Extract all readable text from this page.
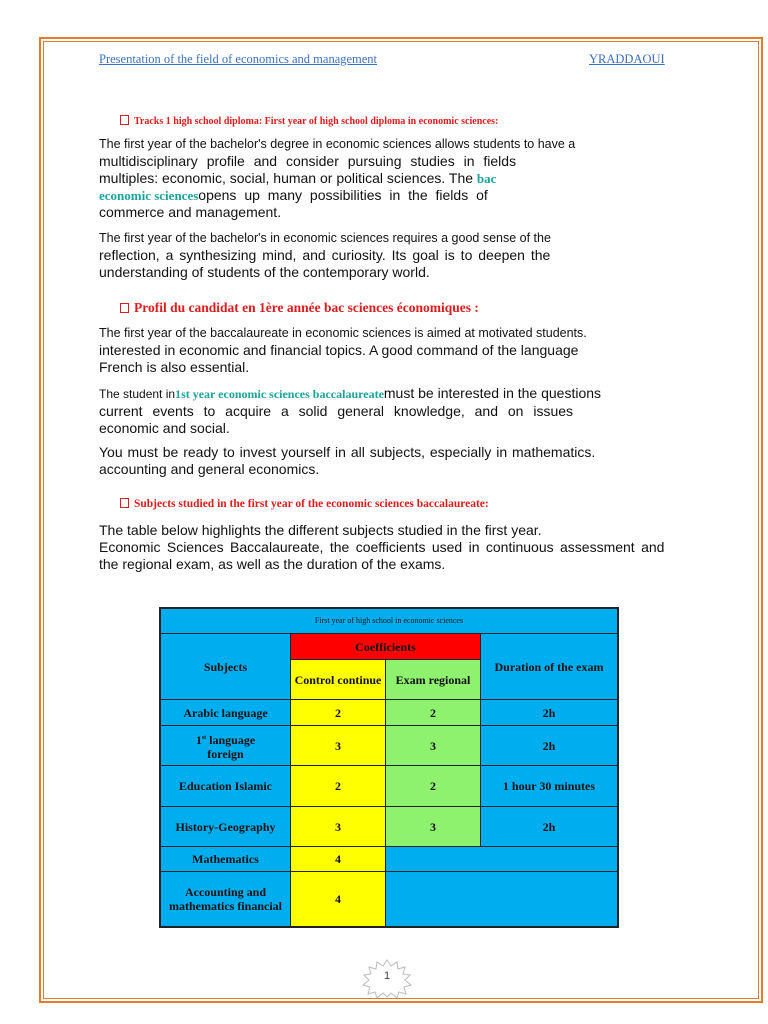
Presentation of the field of economics and management	YRADDAOUI
Tracks 1 high school diploma: First year of high school diploma in economic sciences:
The first year of the bachelor's degree in economic sciences allows students to have a
multidisciplinary profile and consider pursuing studies in fields
multiples: economic, social, human or political sciences. The bac
economic sciencesopens up many possibilities in the fields of
commerce and management.
The first year of the bachelor's in economic sciences requires a good sense of the
reflection, a synthesizing mind, and curiosity. Its goal is to deepen the
understanding of students of the contemporary world.
Profil du candidat en 1ère année bac sciences économiques :
The first year of the baccalaureate in economic sciences is aimed at motivated students.
interested in economic and financial topics. A good command of the language
French is also essential.
The student in1st year economic sciences baccalaureatemust be interested in the questions
current events to acquire a solid general knowledge, and on issues
economic and social.
You must be ready to invest yourself in all subjects, especially in mathematics.
accounting and general economics.
Subjects studied in the first year of the economic sciences baccalaureate:
The table below highlights the different subjects studied in the first year.
Economic Sciences Baccalaureate, the coefficients used in continuous assessment and
the regional exam, as well as the duration of the exams.
First year of high school in economic sciences			
Subjects	Coefficients		Duration of the exam
	Control continue	Exam regional	
Arabic language	2	2	2h
1st language
foreign	3	3	2h
Education Islamic	2	2	1 hour 30 minutes
History-Geography	3	3	2h
Mathematics	4		
Accounting and mathematics financial	4		
1
